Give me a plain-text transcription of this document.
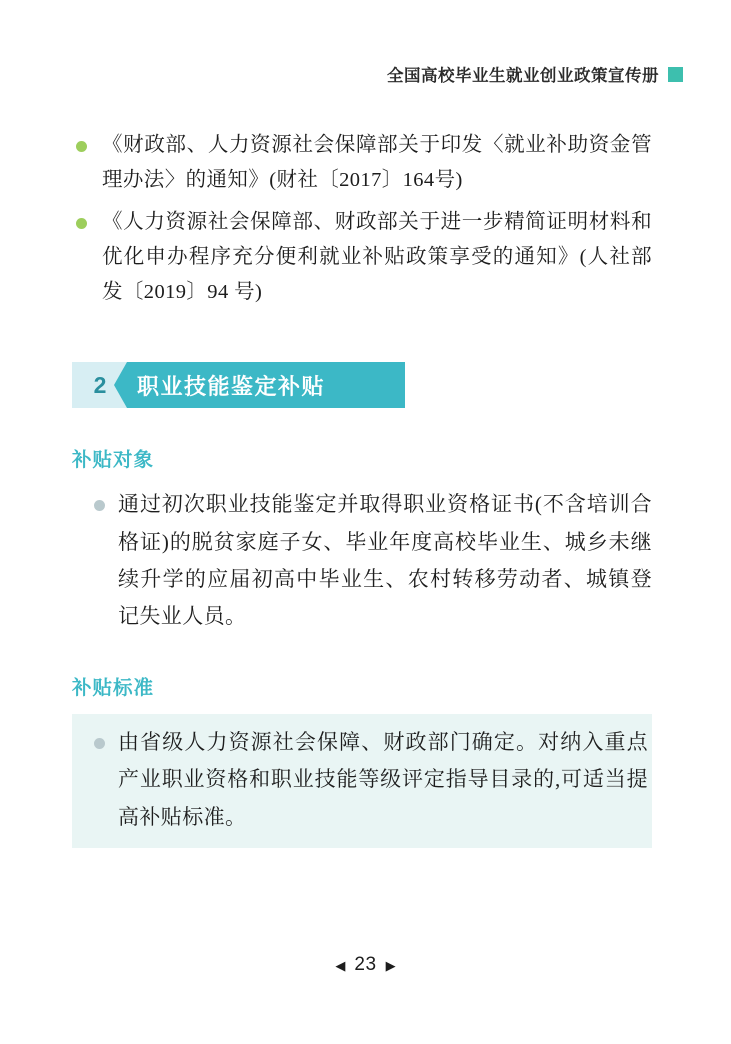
全国高校毕业生就业创业政策宣传册
《财政部、人力资源社会保障部关于印发〈就业补助资金管理办法〉的通知》(财社〔2017〕164号)
《人力资源社会保障部、财政部关于进一步精简证明材料和优化申办程序充分便利就业补贴政策享受的通知》(人社部发〔2019〕94 号)
2	职业技能鉴定补贴
补贴对象
通过初次职业技能鉴定并取得职业资格证书(不含培训合格证)的脱贫家庭子女、毕业年度高校毕业生、城乡未继续升学的应届初高中毕业生、农村转移劳动者、城镇登记失业人员。
补贴标准
由省级人力资源社会保障、财政部门确定。对纳入重点产业职业资格和职业技能等级评定指导目录的,可适当提高补贴标准。
◀ 23 ▶
